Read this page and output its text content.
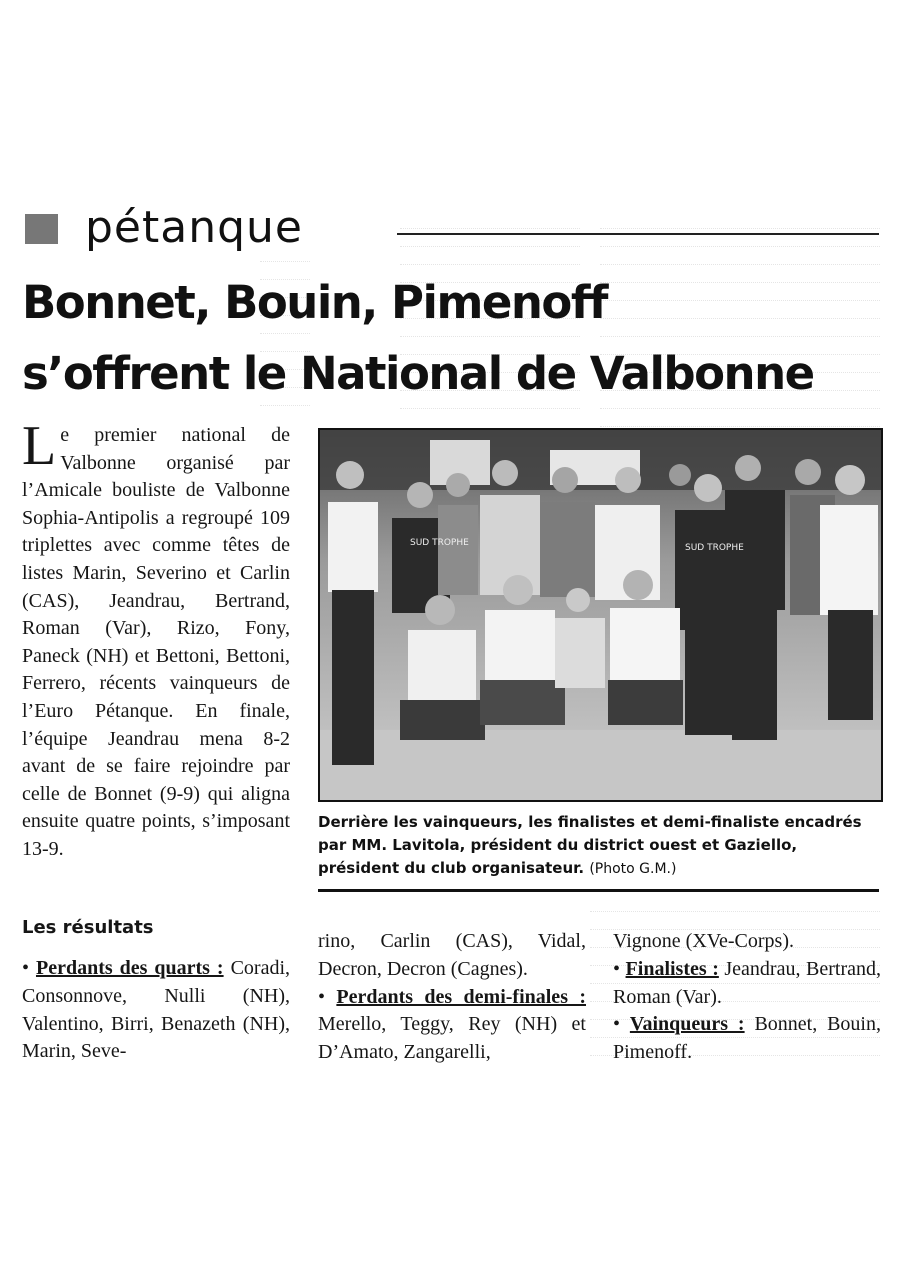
pétanque
Bonnet, Bouin, Pimenoff
s’offrent le National de Valbonne
Le premier national de Valbonne organisé par l’Amicale bouliste de Valbonne Sophia-Antipolis a regroupé 109 triplettes avec comme têtes de listes Marin, Severino et Carlin (CAS), Jeandrau, Bertrand, Roman (Var), Rizo, Fony, Paneck (NH) et Bettoni, Bettoni, Ferrero, récents vainqueurs de l’Euro Pétanque. En finale, l’équipe Jeandrau mena 8-2 avant de se faire rejoindre par celle de Bonnet (9-9) qui aligna ensuite quatre points, s’imposant 13-9.
SUD TROPHE	SUD TROPHE
Derrière les vainqueurs, les finalistes et demi-finaliste encadrés par MM. Lavitola, président du district ouest et Gaziello, président du club organisateur. (Photo G.M.)
Les résultats
• Perdants des quarts : Coradi, Consonnove, Nulli (NH), Valentino, Birri, Benazeth (NH), Marin, Seve-
rino, Carlin (CAS), Vidal, Decron, Decron (Cagnes).
• Perdants des demi-finales : Merello, Teggy, Rey (NH) et D’Amato, Zangarelli,
Vignone (XVe-Corps).
• Finalistes : Jeandrau, Bertrand, Roman (Var).
• Vainqueurs : Bonnet, Bouin, Pimenoff.
